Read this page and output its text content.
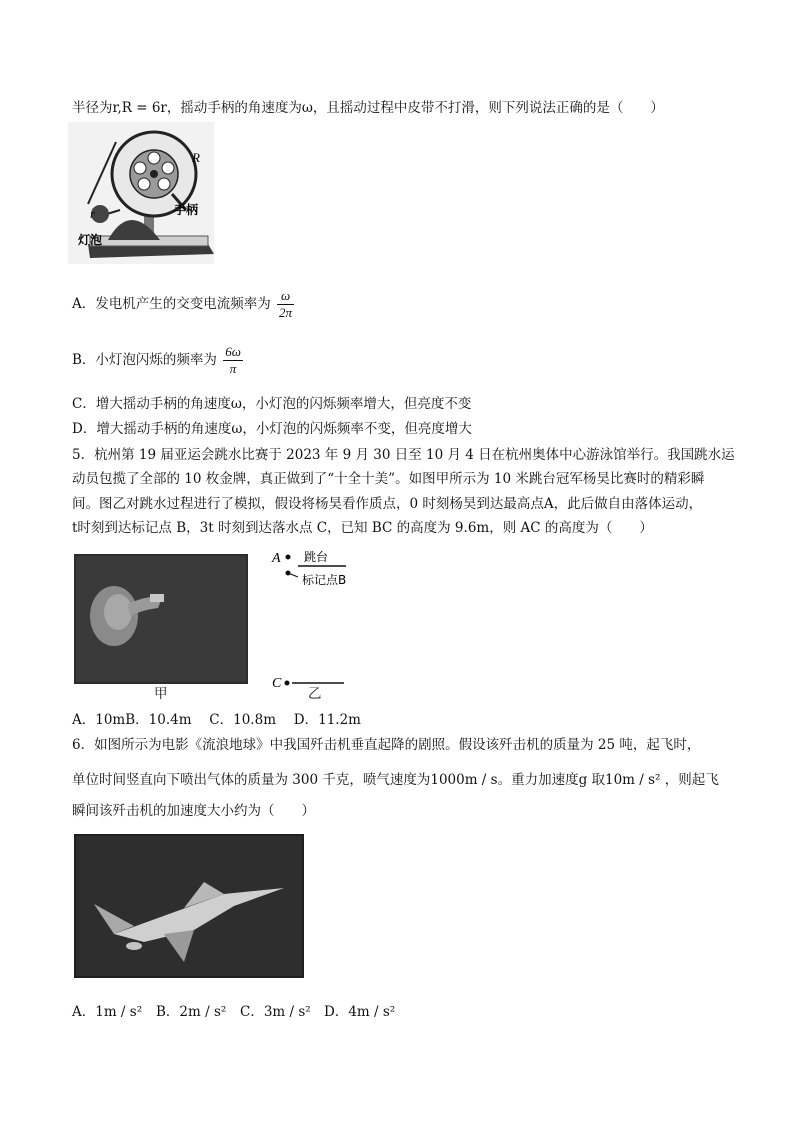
半径为r,R = 6r，摇动手柄的角速度为ω，且摇动过程中皮带不打滑，则下列说法正确的是（　　）
R
r	手柄
灯泡
A．发电机产生的交变电流频率为 $\frac{\omega}{2\pi}$
B．小灯泡闪烁的频率为 $\frac{6\omega}{\pi}$
C．增大摇动手柄的角速度ω，小灯泡的闪烁频率增大，但亮度不变
D．增大摇动手柄的角速度ω，小灯泡的闪烁频率不变，但亮度增大
5．杭州第 19 届亚运会跳水比赛于 2023 年 9 月 30 日至 10 月 4 日在杭州奥体中心游泳馆举行。我国跳水运
动员包揽了全部的 10 枚金牌，真正做到了“十全十美”。如图甲所示为 10 米跳台冠军杨昊比赛时的精彩瞬
间。图乙对跳水过程进行了模拟，假设将杨昊看作质点，0 时刻杨昊到达最高点A，此后做自由落体运动，
t时刻到达标记点 B，3t 时刻到达落水点 C，已知 BC 的高度为 9.6m，则 AC 的高度为（　　）
A 跳台
标记点B
C
甲	乙
A．10mB．10.4m　 C．10.8m　 D．11.2m
6．如图所示为电影《流浪地球》中我国歼击机垂直起降的剧照。假设该歼击机的质量为 25 吨，起飞时，
单位时间竖直向下喷出气体的质量为 300 千克，喷气速度为1000m / s。重力加速度g 取10m / s² ，则起飞
瞬间该歼击机的加速度大小约为（　　）
A．1m / s² B．2m / s² C．3m / s² D．4m / s²
